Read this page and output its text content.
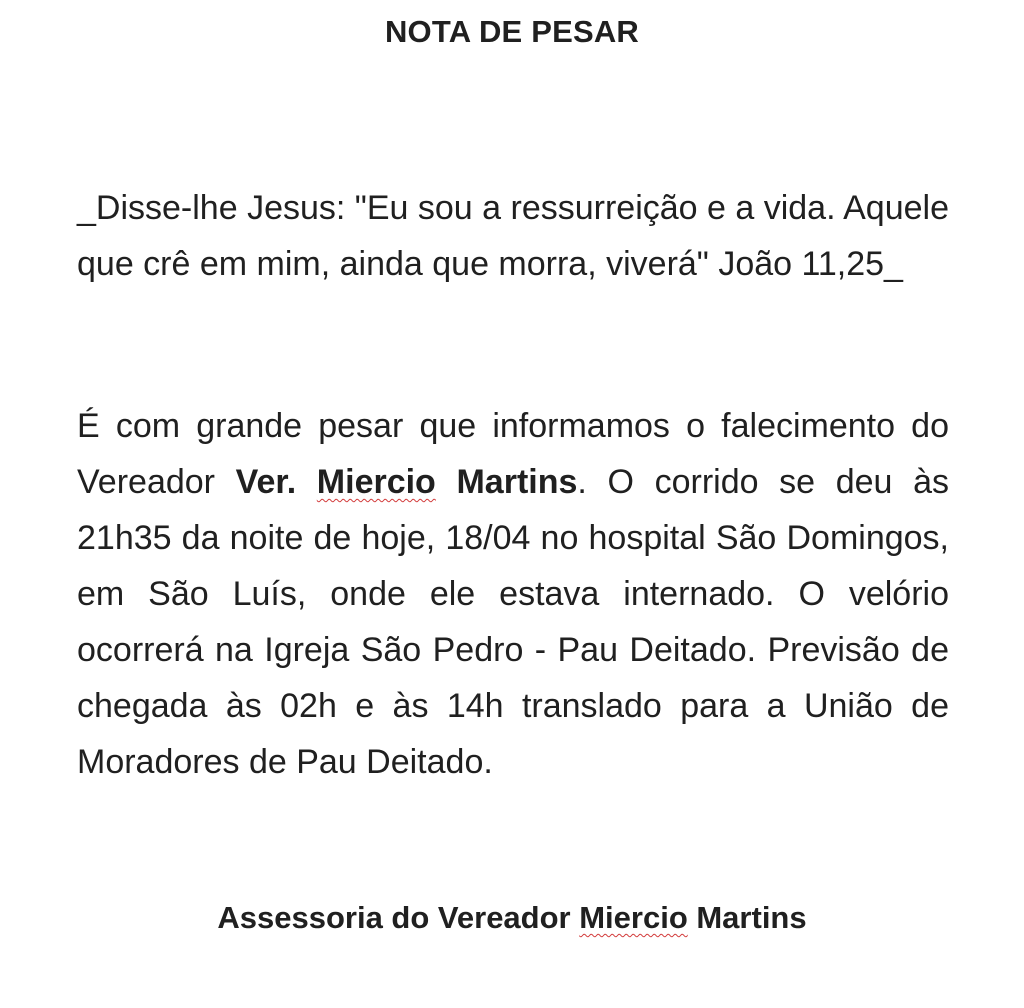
NOTA DE PESAR

_Disse-lhe Jesus: "Eu sou a ressurreição e a vida. Aquele
que crê em mim, ainda que morra, viverá" João 11,25_

É com grande pesar que informamos o falecimento do
Vereador Ver. Miercio Martins. O corrido se deu às
21h35 da noite de hoje, 18/04 no hospital São Domingos,
em São Luís, onde ele estava internado. O velório
ocorrerá na Igreja São Pedro - Pau Deitado. Previsão de
chegada às 02h e às 14h translado para a União de
Moradores de Pau Deitado.

Assessoria do Vereador Miercio Martins
